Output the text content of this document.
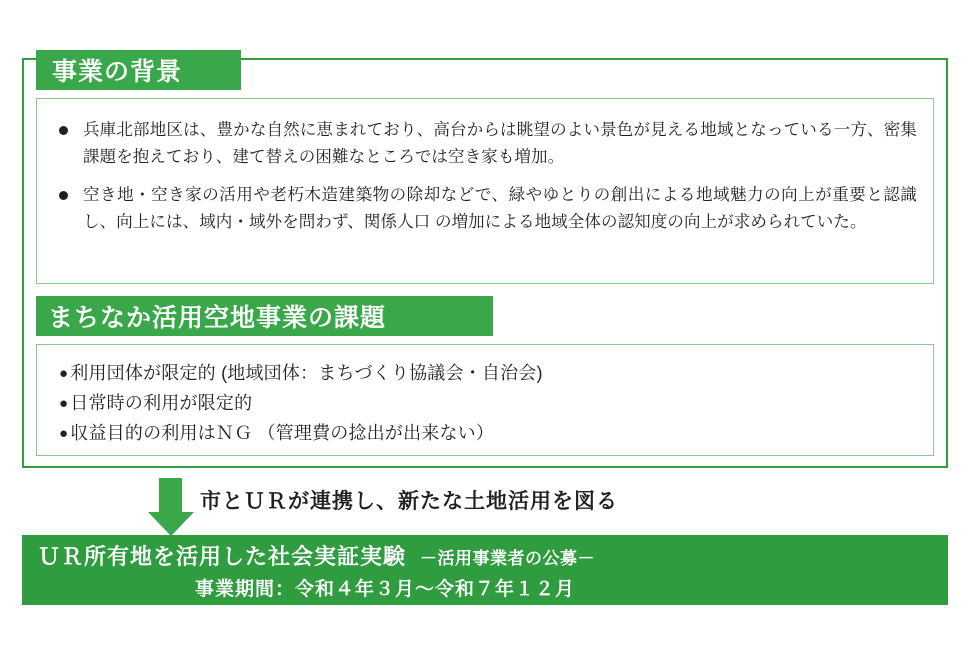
事業の背景
兵庫北部地区は、豊かな自然に恵まれており、高台からは眺望のよい景色が見える地域となっている一方、密集課題を抱えており、建て替えの困難なところでは空き家も増加。
空き地・空き家の活用や老朽木造建築物の除却などで、緑やゆとりの創出による地域魅力の向上が重要と認識し、向上には、域内・域外を問わず、関係人口 の増加による地域全体の認知度の向上が求められていた。
まちなか活用空地事業の課題
● 利用団体が限定的 (地域団体：まちづくり協議会・自治会)
● 日常時の利用が限定的
● 収益目的の利用はＮＧ （管理費の捻出が出来ない）
市とＵＲが連携し、新たな土地活用を図る
ＵＲ所有地を活用した社会実証実験 －活用事業者の公募－
事業期間：令和４年３月～令和７年１２月
